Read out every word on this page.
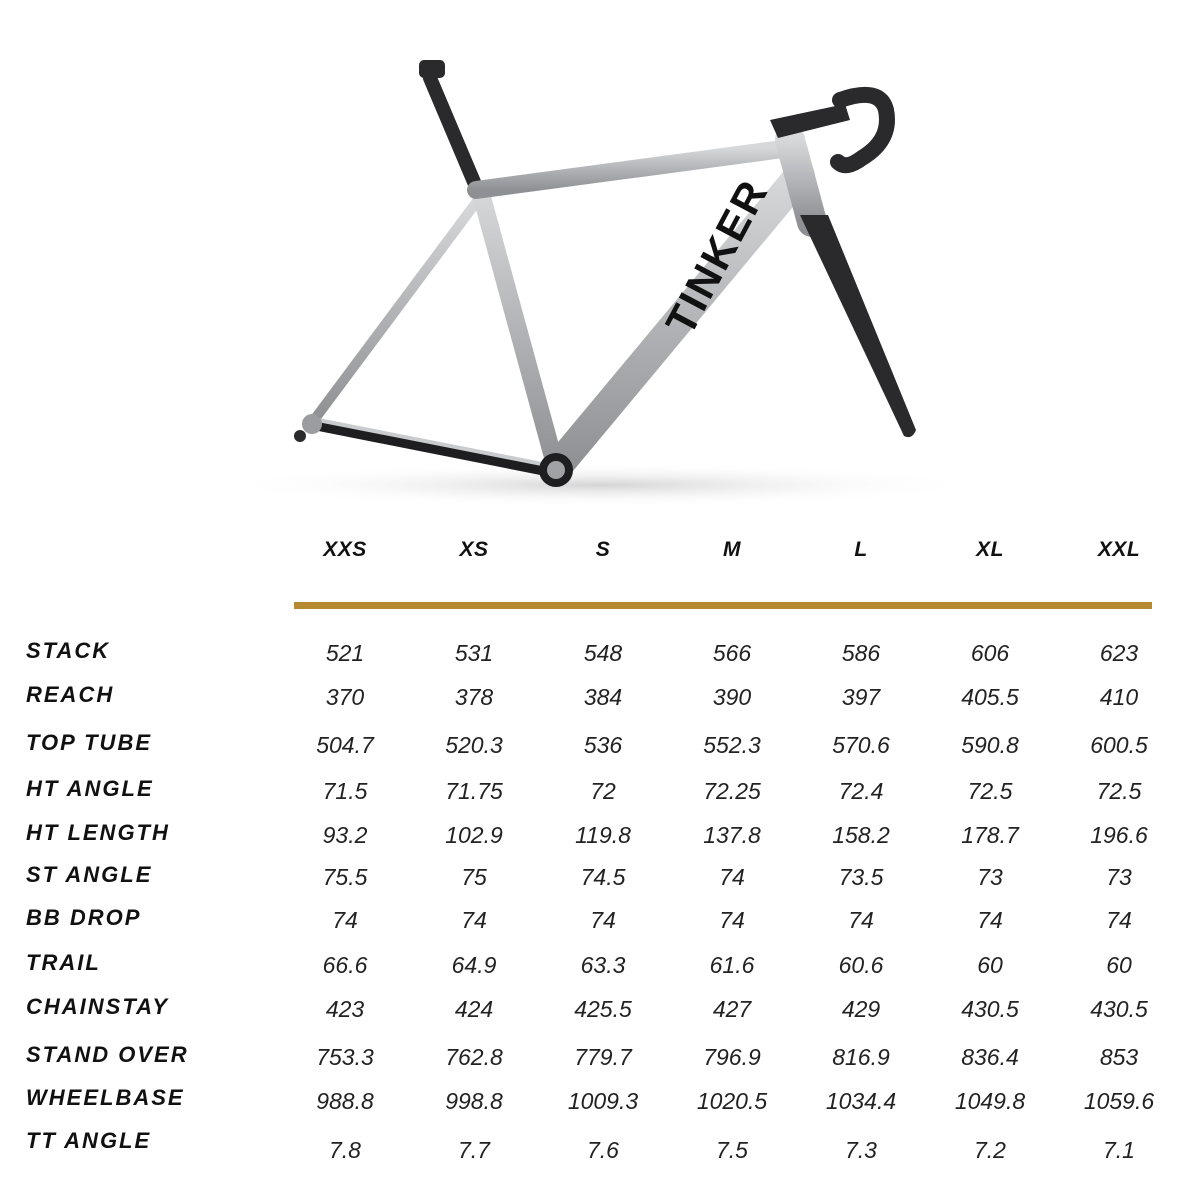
TINKER
XXS	XS	S	M	L	XL	XXL
STACK	521	531	548	566	586	606	623
REACH	370	378	384	390	397	405.5	410
TOP TUBE	504.7	520.3	536	552.3	570.6	590.8	600.5
HT ANGLE	71.5	71.75	72	72.25	72.4	72.5	72.5
HT LENGTH	93.2	102.9	119.8	137.8	158.2	178.7	196.6
ST ANGLE	75.5	75	74.5	74	73.5	73	73
BB DROP	74	74	74	74	74	74	74
TRAIL	66.6	64.9	63.3	61.6	60.6	60	60
CHAINSTAY	423	424	425.5	427	429	430.5	430.5
STAND OVER	753.3	762.8	779.7	796.9	816.9	836.4	853
WHEELBASE	988.8	998.8	1009.3	1020.5	1034.4	1049.8	1059.6
TT ANGLE	7.8	7.7	7.6	7.5	7.3	7.2	7.1
